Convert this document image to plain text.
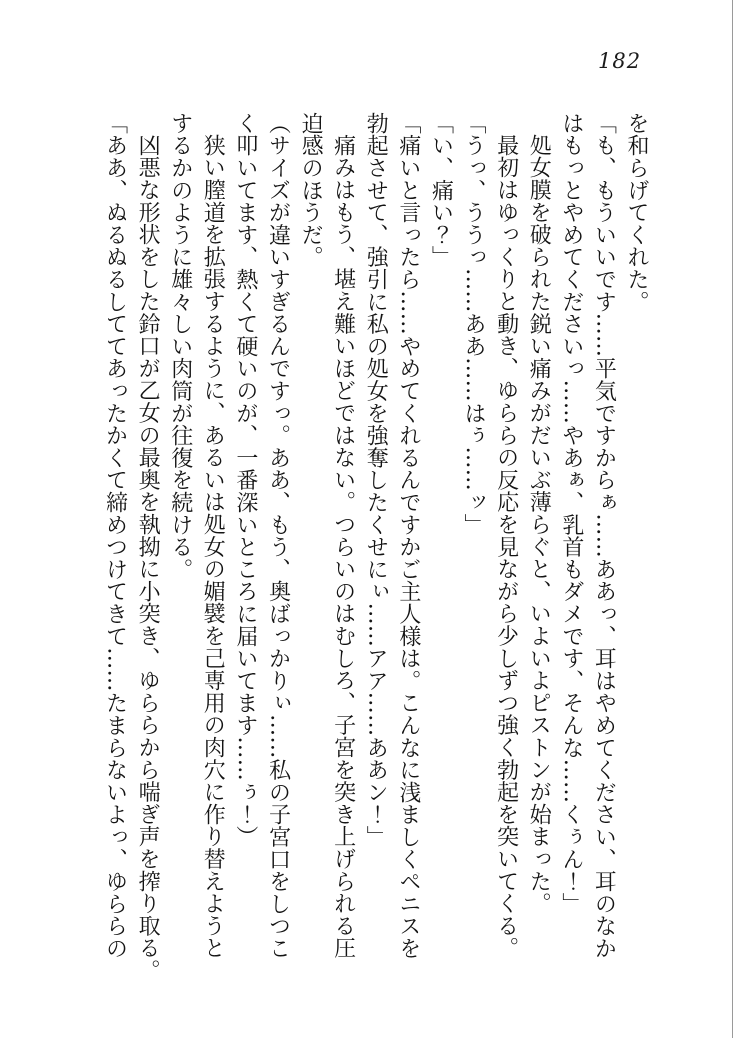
182
を和らげてくれた。
「も、もういいです……平気ですからぁ……ああっ、耳はやめてください、耳のなか
はもっとやめてくださいっ……やあぁ、乳首もダメです、そんな……くぅん！」
処女膜を破られた鋭い痛みがだいぶ薄らぐと、いよいよピストンが始まった。
最初はゆっくりと動き、ゆららの反応を見ながら少しずつ強く勃起を突いてくる。
「うっ、ううっ……ああ……はぅ……ッ」
「い、痛い？」
「痛いと言ったら……やめてくれるんですかご主人様は。こんなに浅ましくペニスを
勃起させて、強引に私の処女を強奪したくせにぃ……アア……ああン！」
痛みはもう、堪え難いほどではない。つらいのはむしろ、子宮を突き上げられる圧
迫感のほうだ。
（サイズが違いすぎるんですっ。ああ、もう、奥ばっかりぃ……私の子宮口をしつこ
く叩いてます、熱くて硬いのが、一番深いところに届いてます……ぅ！）
狭い膣道を拡張するように、あるいは処女の媚襞を己専用の肉穴に作り替えようと
するかのように雄々しい肉筒が往復を続ける。
凶悪な形状をした鈴口が乙女の最奥を執拗に小突き、ゆららから喘ぎ声を搾り取る。
「ああ、ぬるぬるしててあったかくて締めつけてきて……たまらないよっ、ゆららの
